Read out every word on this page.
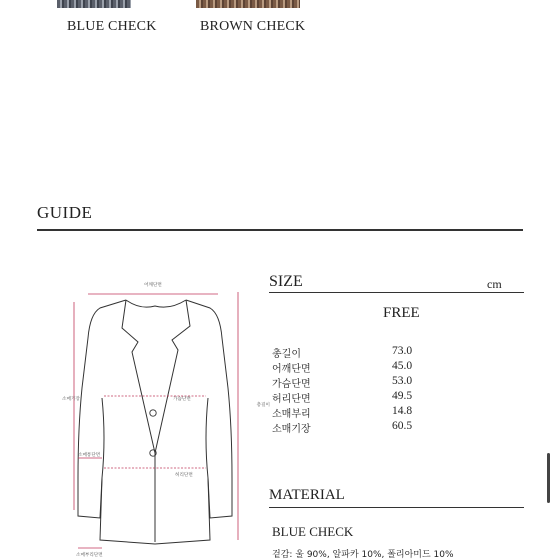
BLUE CHECK	BROWN CHECK
GUIDE
어깨단면
소매기장
총길이
가슴단면
허리단면
소매통단면
소매부리단면
SIZE	cm
FREE
총길이	73.0
어깨단면	45.0
가슴단면	53.0
허리단면	49.5
소매부리	14.8
소매기장	60.5
MATERIAL
BLUE CHECK
겉감: 울 90%, 알파카 10%, 폴리아미드 10%
